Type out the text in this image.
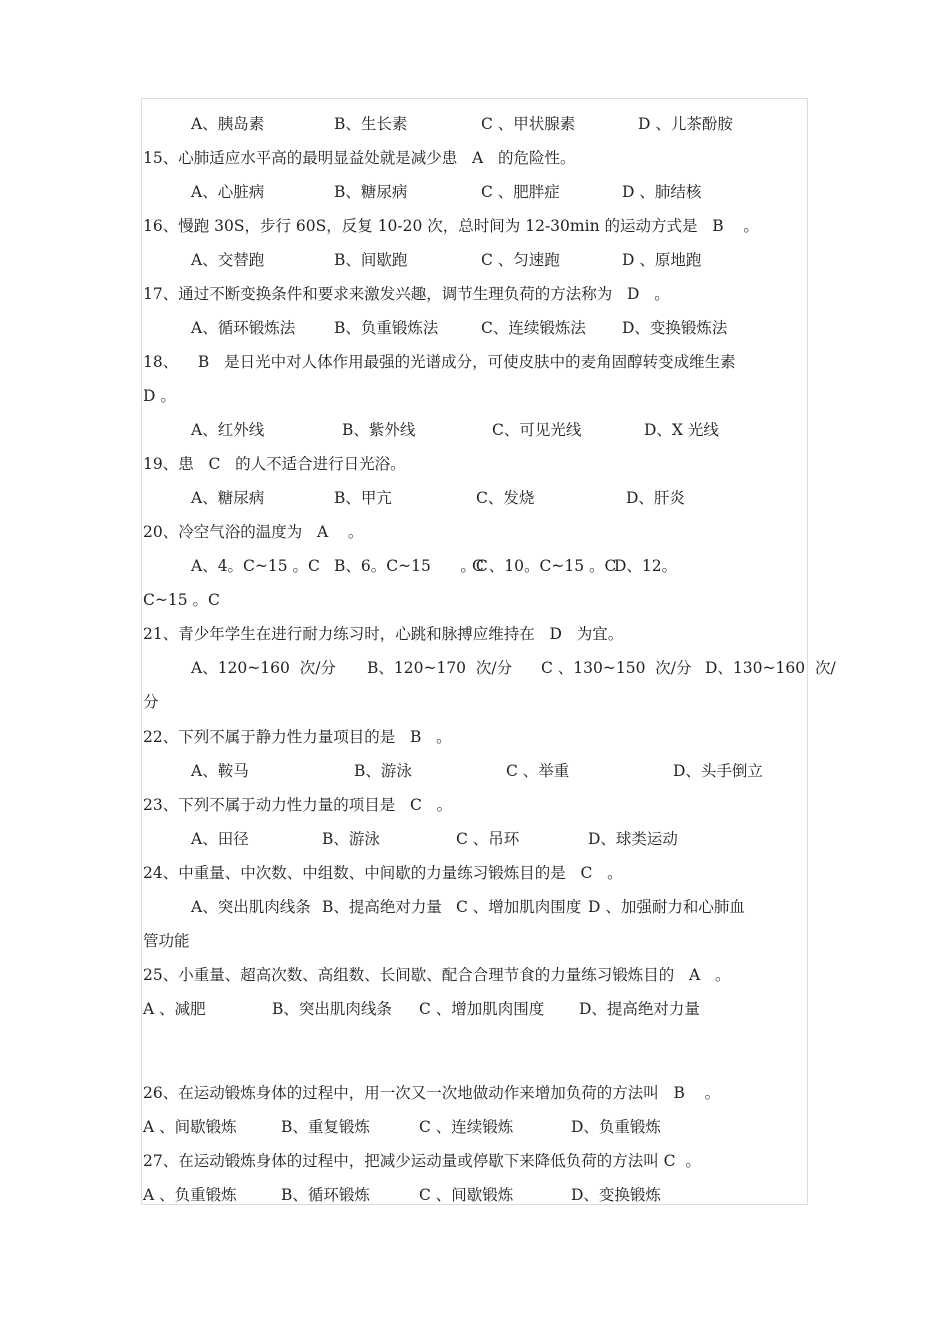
A、胰岛素	B、生长素	C 、甲状腺素	D 、儿茶酚胺
15、心肺适应水平高的最明显益处就是减少患   A   的危险性。
A、心脏病	B、糖尿病	C 、肥胖症	D 、肺结核
16、慢跑 30S，步行 60S，反复 10-20 次，总时间为 12-30min 的运动方式是   B    。
A、交替跑	B、间歇跑	C 、匀速跑	D 、原地跑
17、通过不断变换条件和要求来激发兴趣，调节生理负荷的方法称为   D   。
A、循环锻炼法	B、负重锻炼法	C、连续锻炼法 D、变换锻炼法
18、    B   是日光中对人体作用最强的光谱成分，可使皮肤中的麦角固醇转变成维生素
D 。
A、红外线	B、紫外线	C、可见光线	D、X 光线
19、患   C   的人不适合进行日光浴。
A、糖尿病	B、甲亢	C、发烧	D、肝炎
20、冷空气浴的温度为   A    。
A、4。C~15 。C B、6。C~15      。C
C 、10。C~15 。C
D、12。
C~15 。C
21、青少年学生在进行耐力练习时，心跳和脉搏应维持在   D   为宜。
A、120~160  次/分 B、120~170  次/分 C 、130~150  次/分 D、130~160  次/
分
22、下列不属于静力性力量项目的是   B   。
A、鞍马	B、游泳	C 、举重	D、头手倒立
23、下列不属于动力性力量的项目是   C   。
A、田径	B、游泳	C 、吊环	D、球类运动
24、中重量、中次数、中组数、中间歇的力量练习锻炼目的是   C   。
A、突出肌肉线条 B、提高绝对力量 C 、增加肌肉围度 D 、加强耐力和心肺血
管功能
25、小重量、超高次数、高组数、长间歇、配合合理节食的力量练习锻炼目的   A   。
A 、减肥	B、突出肌肉线条 C 、增加肌肉围度 D、提高绝对力量
26、在运动锻炼身体的过程中，用一次又一次地做动作来增加负荷的方法叫   B    。
A 、间歇锻炼	B、重复锻炼	C 、连续锻炼	D、负重锻炼
27、在运动锻炼身体的过程中，把减少运动量或停歇下来降低负荷的方法叫 C  。
A 、负重锻炼	B、循环锻炼	C 、间歇锻炼	D、变换锻炼
